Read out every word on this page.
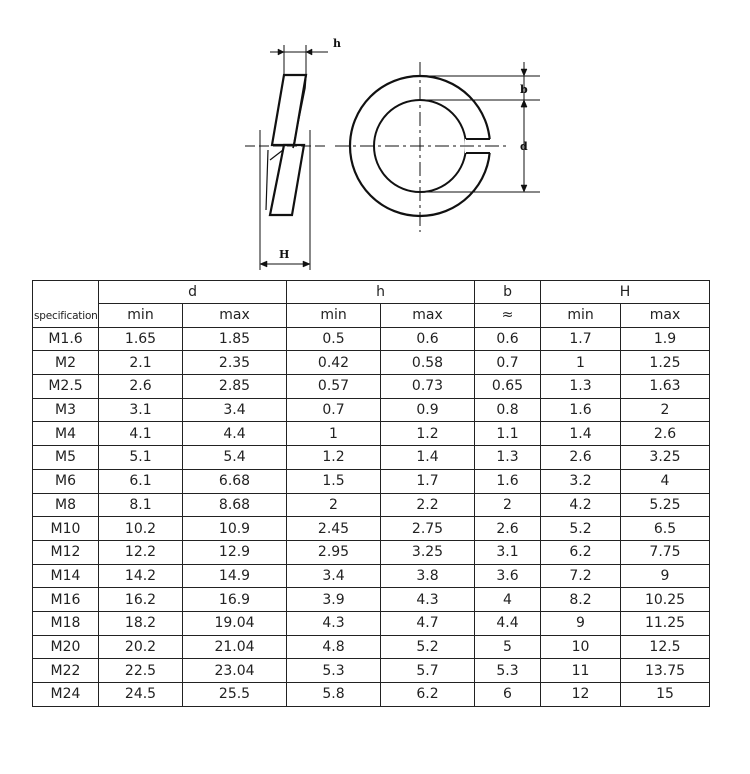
h
b
d
H
specification	d		h		b	H	
	min	max	min	max	≈	min	max
M1.6	1.65	1.85	0.5	0.6	0.6	1.7	1.9
M2	2.1	2.35	0.42	0.58	0.7	1	1.25
M2.5	2.6	2.85	0.57	0.73	0.65	1.3	1.63
M3	3.1	3.4	0.7	0.9	0.8	1.6	2
M4	4.1	4.4	1	1.2	1.1	1.4	2.6
M5	5.1	5.4	1.2	1.4	1.3	2.6	3.25
M6	6.1	6.68	1.5	1.7	1.6	3.2	4
M8	8.1	8.68	2	2.2	2	4.2	5.25
M10	10.2	10.9	2.45	2.75	2.6	5.2	6.5
M12	12.2	12.9	2.95	3.25	3.1	6.2	7.75
M14	14.2	14.9	3.4	3.8	3.6	7.2	9
M16	16.2	16.9	3.9	4.3	4	8.2	10.25
M18	18.2	19.04	4.3	4.7	4.4	9	11.25
M20	20.2	21.04	4.8	5.2	5	10	12.5
M22	22.5	23.04	5.3	5.7	5.3	11	13.75
M24	24.5	25.5	5.8	6.2	6	12	15
